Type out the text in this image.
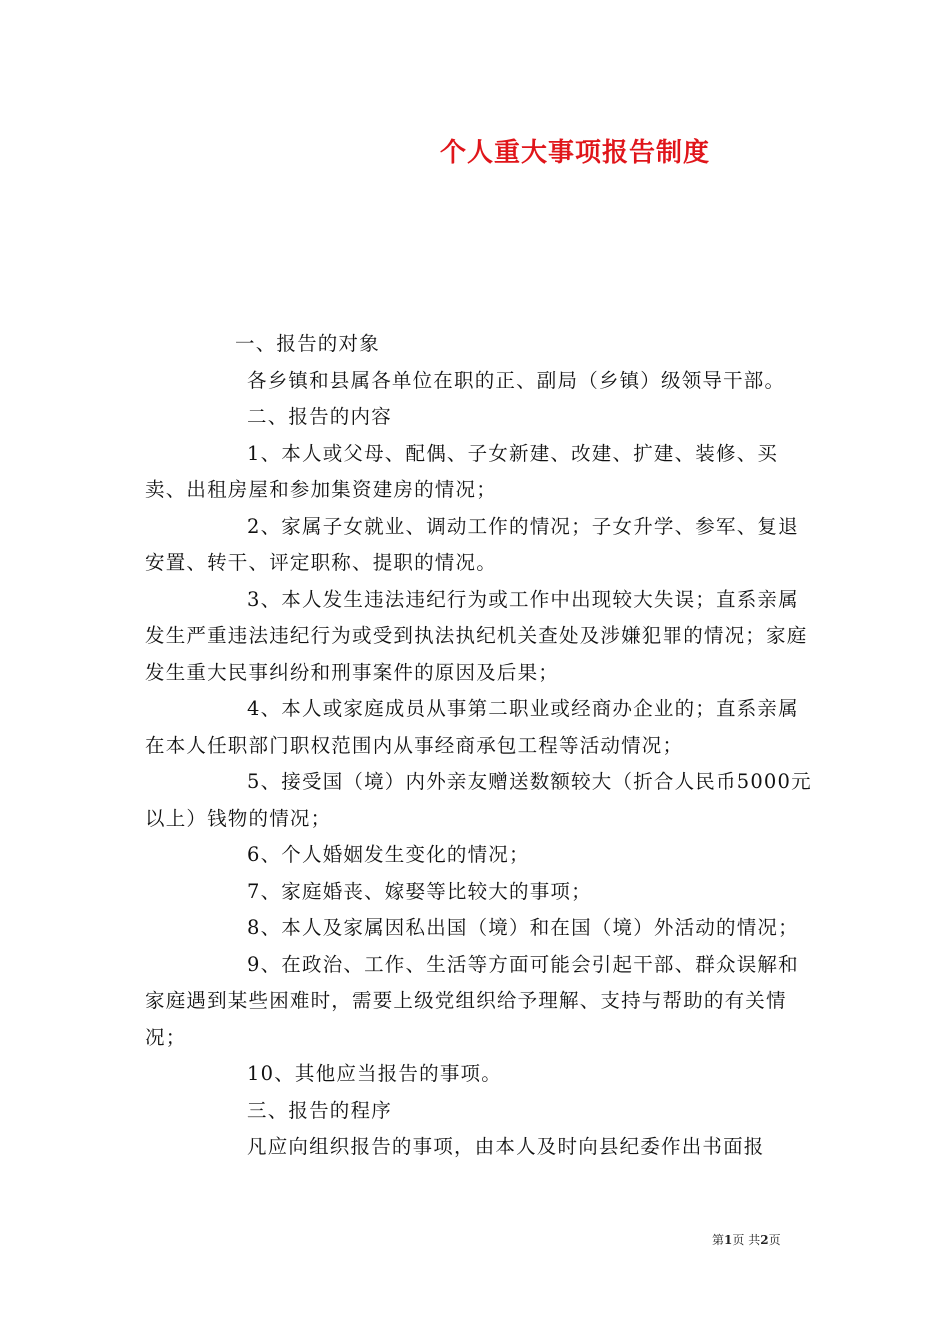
个人重大事项报告制度

一、报告的对象

各乡镇和县属各单位在职的正、副局（乡镇）级领导干部。

二、报告的内容

1、本人或父母、配偶、子女新建、改建、扩建、装修、买卖、出租房屋和参加集资建房的情况；

2、家属子女就业、调动工作的情况；子女升学、参军、复退安置、转干、评定职称、提职的情况。

3、本人发生违法违纪行为或工作中出现较大失误；直系亲属发生严重违法违纪行为或受到执法执纪机关查处及涉嫌犯罪的情况；家庭发生重大民事纠纷和刑事案件的原因及后果；

4、本人或家庭成员从事第二职业或经商办企业的；直系亲属在本人任职部门职权范围内从事经商承包工程等活动情况；

5、接受国（境）内外亲友赠送数额较大（折合人民币5000元以上）钱物的情况；

6、个人婚姻发生变化的情况；

7、家庭婚丧、嫁娶等比较大的事项；

8、本人及家属因私出国（境）和在国（境）外活动的情况；

9、在政治、工作、生活等方面可能会引起干部、群众误解和家庭遇到某些困难时，需要上级党组织给予理解、支持与帮助的有关情况；

10、其他应当报告的事项。

三、报告的程序

凡应向组织报告的事项，由本人及时向县纪委作出书面报

第1页 共2页
